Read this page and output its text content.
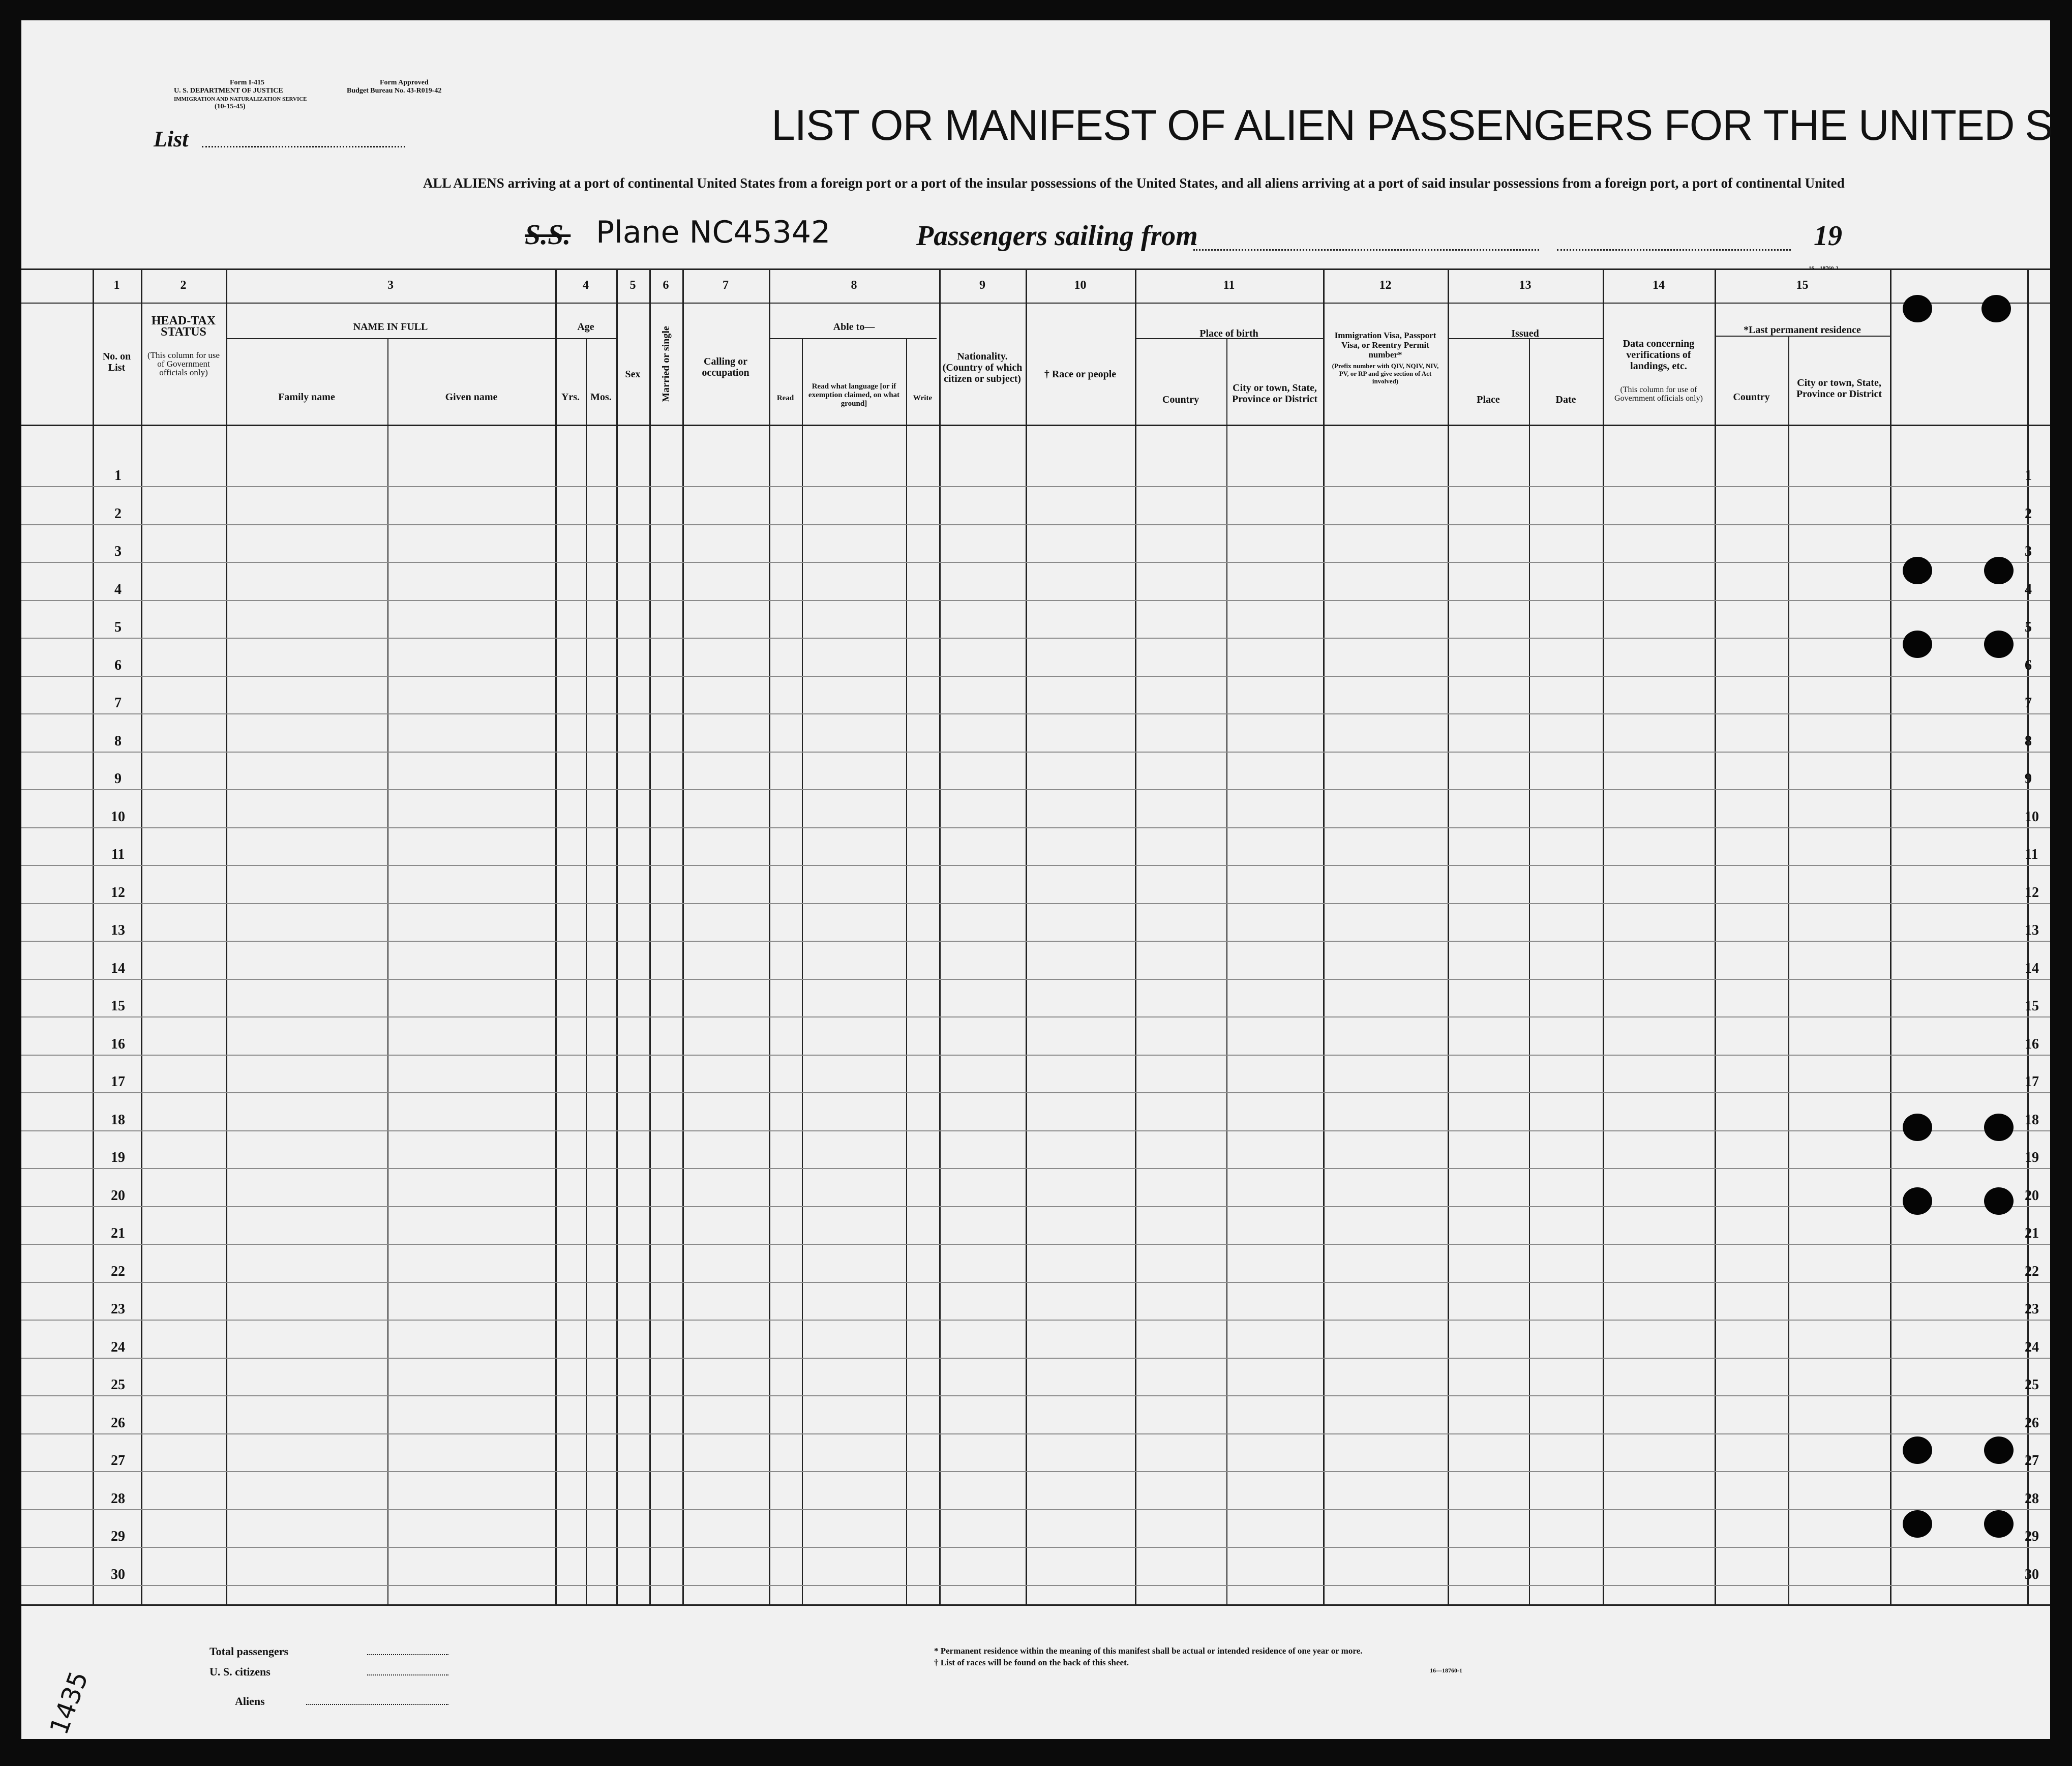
Form I-415
U. S. DEPARTMENT OF JUSTICE
IMMIGRATION AND NATURALIZATION SERVICE
(10-15-45)
Form Approved
Budget Bureau No. 43-R019-42
List	LIST OR MANIFEST OF ALIEN PASSENGERS FOR THE UNITED S
ALL ALIENS arriving at a port of continental United States from a foreign port or a port of the insular possessions of the United States, and all aliens arriving at a port of said insular possessions from a foreign port, a port of continental United
S.S. Plane NC45342	Passengers sailing from	19
1	2	3	4	5	6	7	8	9	10	11	12	13	14	15
No. on List
HEAD-TAX STATUS
(This column for use of Government officials only)
NAME IN FULL
Family name	Given name
Age
Yrs.	Mos.
Sex	Married or single	Calling or occupation
Able to—
Read
Read what language [or if exemption claimed, on what ground]
Write
Nationality. (Country of which citizen or subject)	† Race or people
Place of birth
Country
City or town, State, Province or District
Immigration Visa, Passport Visa, or Reentry Permit number*
(Prefix number with QIV, NQIV, NIV, PV, or RP and give section of Act involved)
Issued
Place	Date
Data concerning verifications of landings, etc.
(This column for use of Government officials only)
*Last permanent residence
Country
City or town, State, Province or District
1	1
2	2
3	3
4	4
5	5
6	6
7	7
8	8
9	9
10	10
11	11
12	12
13	13
14	14
15	15
16	16
17	17
18	18
19	19
20	20
21	21
22	22
23	23
24	24
25	25
26	26
27	27
28	28
29	29
30	30
Total passengers
U. S. citizens
Aliens
* Permanent residence within the meaning of this manifest shall be actual or intended residence of one year or more.
† List of races will be found on the back of this sheet.
16—18760-1
1435
